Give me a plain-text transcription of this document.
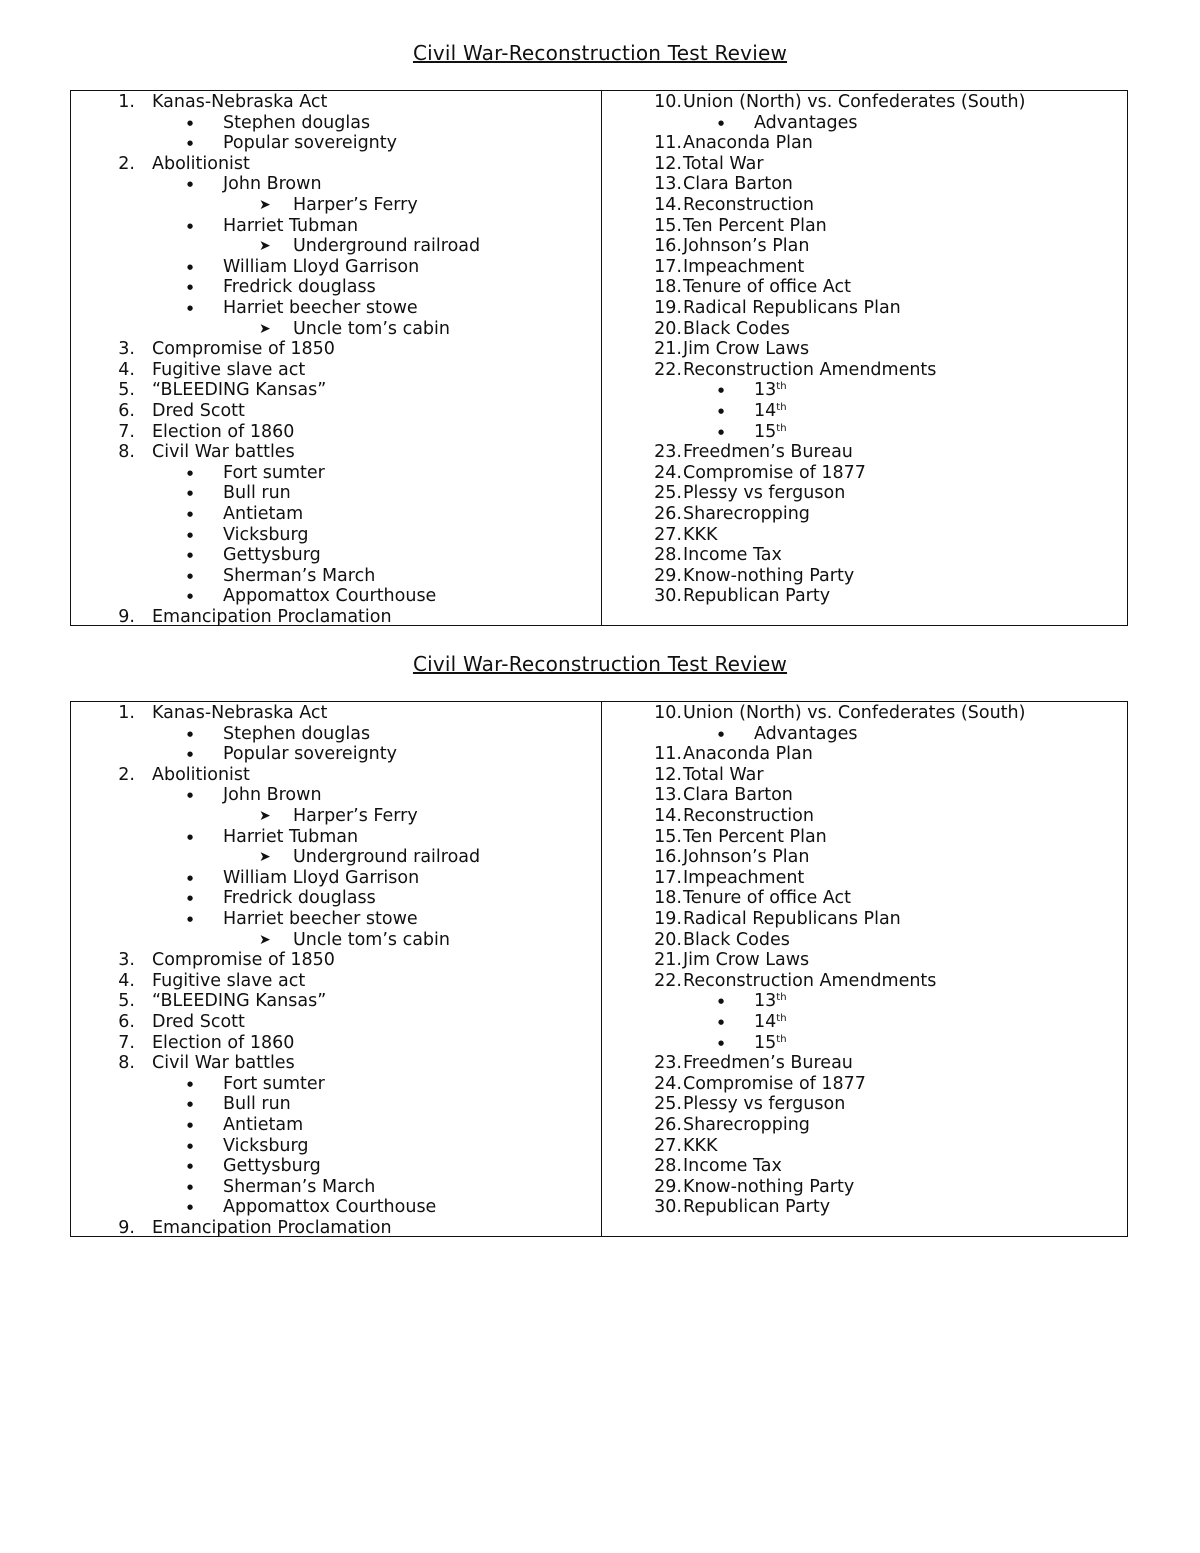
Civil War-Reconstruction Test Review
1. Kanas-Nebraska Act
● Stephen douglas
● Popular sovereignty
2. Abolitionist
● John Brown
➤ Harper’s Ferry
● Harriet Tubman
➤ Underground railroad
● William Lloyd Garrison
● Fredrick douglass
● Harriet beecher stowe
➤ Uncle tom’s cabin
3. Compromise of 1850
4. Fugitive slave act
5. “BLEEDING Kansas”
6. Dred Scott
7. Election of 1860
8. Civil War battles
● Fort sumter
● Bull run
● Antietam
● Vicksburg
● Gettysburg
● Sherman’s March
● Appomattox Courthouse
9. Emancipation Proclamation
10. Union (North) vs. Confederates (South)
● Advantages
11. Anaconda Plan
12. Total War
13. Clara Barton
14. Reconstruction
15. Ten Percent Plan
16. Johnson’s Plan
17. Impeachment
18. Tenure of office Act
19. Radical Republicans Plan
20. Black Codes
21. Jim Crow Laws
22. Reconstruction Amendments
● 13th
● 14th
● 15th
23. Freedmen’s Bureau
24. Compromise of 1877
25. Plessy vs ferguson
26. Sharecropping
27. KKK
28. Income Tax
29. Know-nothing Party
30. Republican Party
Civil War-Reconstruction Test Review
1. Kanas-Nebraska Act
● Stephen douglas
● Popular sovereignty
2. Abolitionist
● John Brown
➤ Harper’s Ferry
● Harriet Tubman
➤ Underground railroad
● William Lloyd Garrison
● Fredrick douglass
● Harriet beecher stowe
➤ Uncle tom’s cabin
3. Compromise of 1850
4. Fugitive slave act
5. “BLEEDING Kansas”
6. Dred Scott
7. Election of 1860
8. Civil War battles
● Fort sumter
● Bull run
● Antietam
● Vicksburg
● Gettysburg
● Sherman’s March
● Appomattox Courthouse
9. Emancipation Proclamation
10. Union (North) vs. Confederates (South)
● Advantages
11. Anaconda Plan
12. Total War
13. Clara Barton
14. Reconstruction
15. Ten Percent Plan
16. Johnson’s Plan
17. Impeachment
18. Tenure of office Act
19. Radical Republicans Plan
20. Black Codes
21. Jim Crow Laws
22. Reconstruction Amendments
● 13th
● 14th
● 15th
23. Freedmen’s Bureau
24. Compromise of 1877
25. Plessy vs ferguson
26. Sharecropping
27. KKK
28. Income Tax
29. Know-nothing Party
30. Republican Party
